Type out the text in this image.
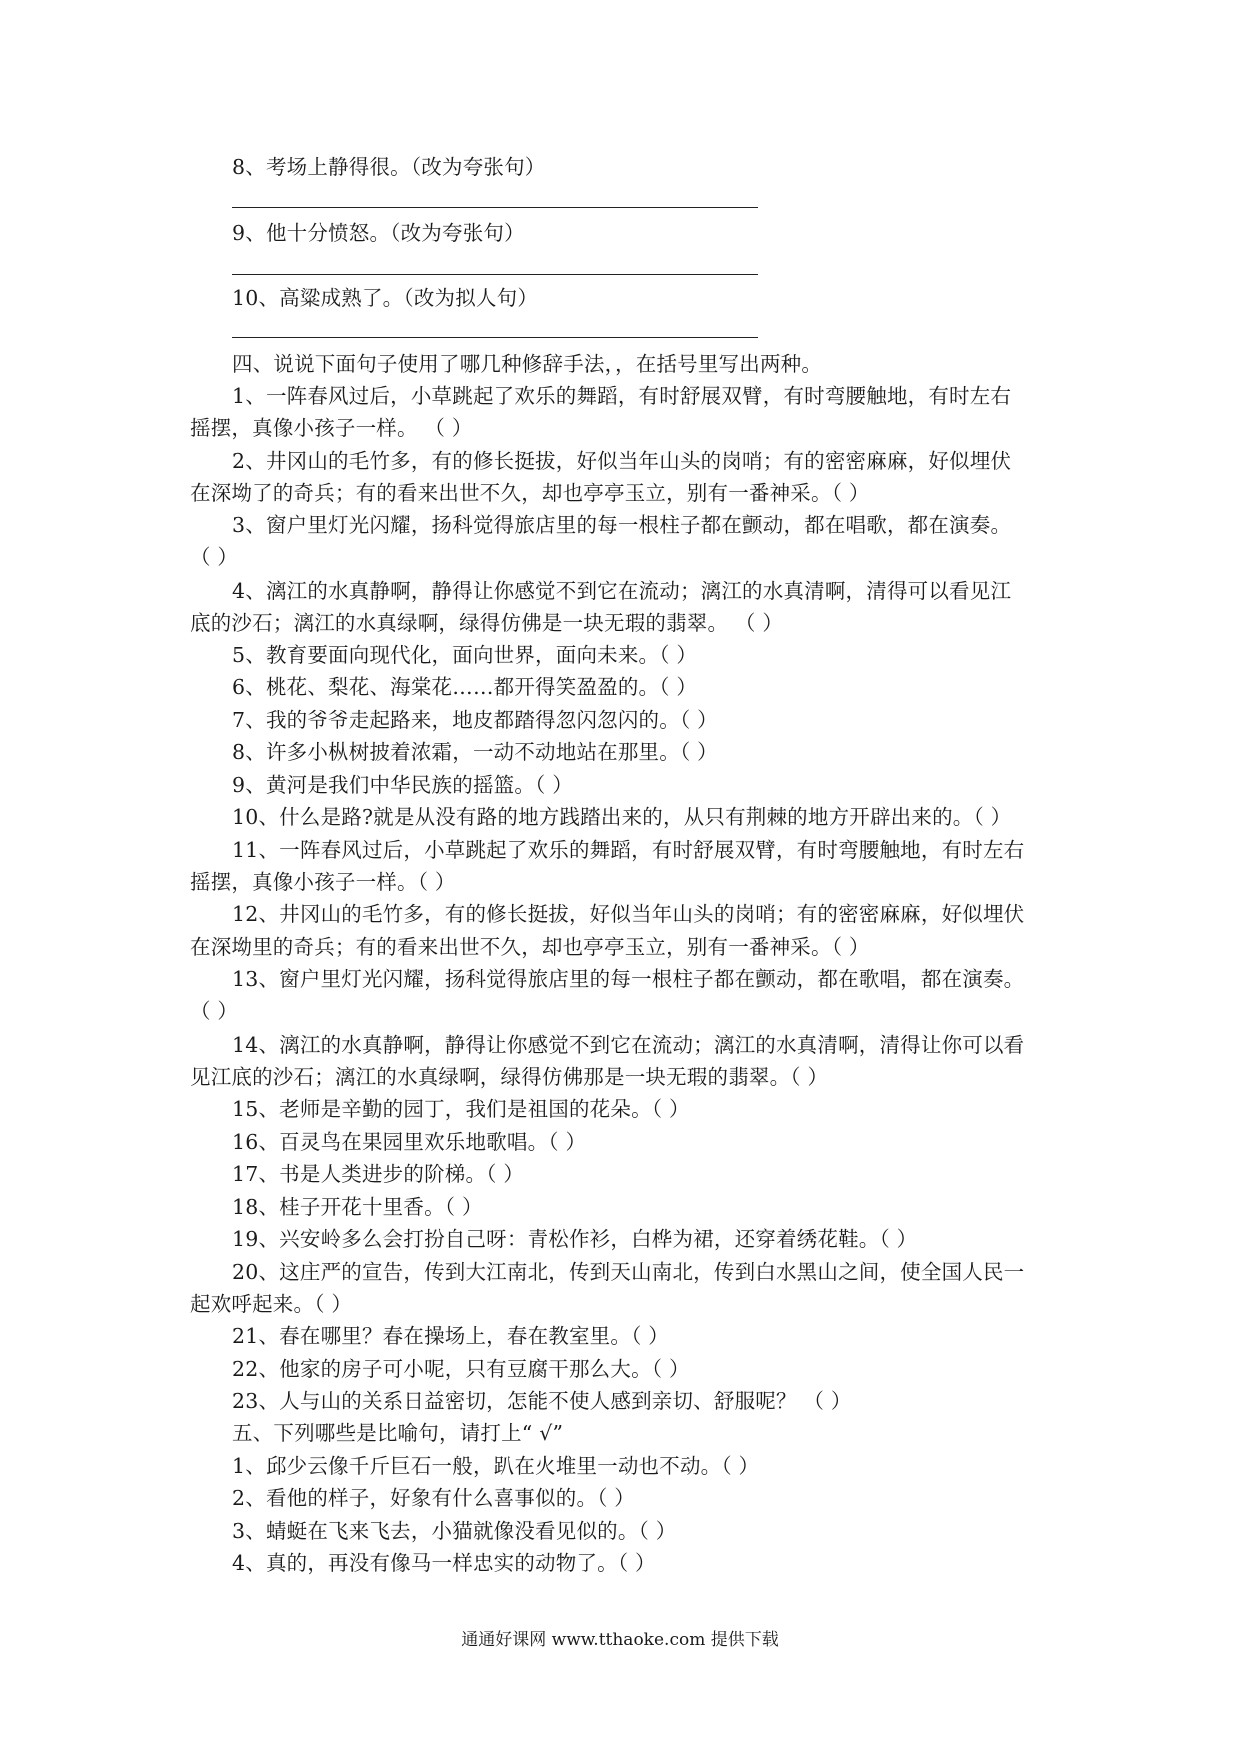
8、考场上静得很。（改为夸张句）
9、他十分愤怒。（改为夸张句）
10、高粱成熟了。（改为拟人句）
四、说说下面句子使用了哪几种修辞手法，，在括号里写出两种。
1、一阵春风过后，小草跳起了欢乐的舞蹈，有时舒展双臂，有时弯腰触地，有时左右
摇摆，真像小孩子一样。 （ ）
2、井冈山的毛竹多，有的修长挺拔，好似当年山头的岗哨；有的密密麻麻，好似埋伏
在深坳了的奇兵；有的看来出世不久，却也亭亭玉立，别有一番神采。（ ）
3、窗户里灯光闪耀，扬科觉得旅店里的每一根柱子都在颤动，都在唱歌，都在演奏。
（ ）
4、漓江的水真静啊，静得让你感觉不到它在流动；漓江的水真清啊，清得可以看见江
底的沙石；漓江的水真绿啊，绿得仿佛是一块无瑕的翡翠。 （ ）
5、教育要面向现代化，面向世界，面向未来。（ ）
6、桃花、梨花、海棠花……都开得笑盈盈的。（ ）
7、我的爷爷走起路来，地皮都踏得忽闪忽闪的。（ ）
8、许多小枞树披着浓霜，一动不动地站在那里。（ ）
9、黄河是我们中华民族的摇篮。（ ）
10、什么是路?就是从没有路的地方践踏出来的，从只有荆棘的地方开辟出来的。（ ）
11、一阵春风过后，小草跳起了欢乐的舞蹈，有时舒展双臂，有时弯腰触地，有时左右
摇摆，真像小孩子一样。（ ）
12、井冈山的毛竹多，有的修长挺拔，好似当年山头的岗哨；有的密密麻麻，好似埋伏
在深坳里的奇兵；有的看来出世不久，却也亭亭玉立，别有一番神采。（ ）
13、窗户里灯光闪耀，扬科觉得旅店里的每一根柱子都在颤动，都在歌唱，都在演奏。
（ ）
14、漓江的水真静啊，静得让你感觉不到它在流动；漓江的水真清啊，清得让你可以看
见江底的沙石；漓江的水真绿啊，绿得仿佛那是一块无瑕的翡翠。（ ）
15、老师是辛勤的园丁，我们是祖国的花朵。（ ）
16、百灵鸟在果园里欢乐地歌唱。（ ）
17、书是人类进步的阶梯。（ ）
18、桂子开花十里香。（ ）
19、兴安岭多么会打扮自己呀：青松作衫，白桦为裙，还穿着绣花鞋。（ ）
20、这庄严的宣告，传到大江南北，传到天山南北，传到白水黑山之间，使全国人民一
起欢呼起来。（ ）
21、春在哪里？春在操场上，春在教室里。（ ）
22、他家的房子可小呢，只有豆腐干那么大。（ ）
23、人与山的关系日益密切，怎能不使人感到亲切、舒服呢？ （ ）
五、下列哪些是比喻句，请打上“ √”
1、邱少云像千斤巨石一般，趴在火堆里一动也不动。（ ）
2、看他的样子，好象有什么喜事似的。（ ）
3、蜻蜓在飞来飞去，小猫就像没看见似的。（ ）
4、真的，再没有像马一样忠实的动物了。（ ）
通通好课网 www.tthaoke.com 提供下载
